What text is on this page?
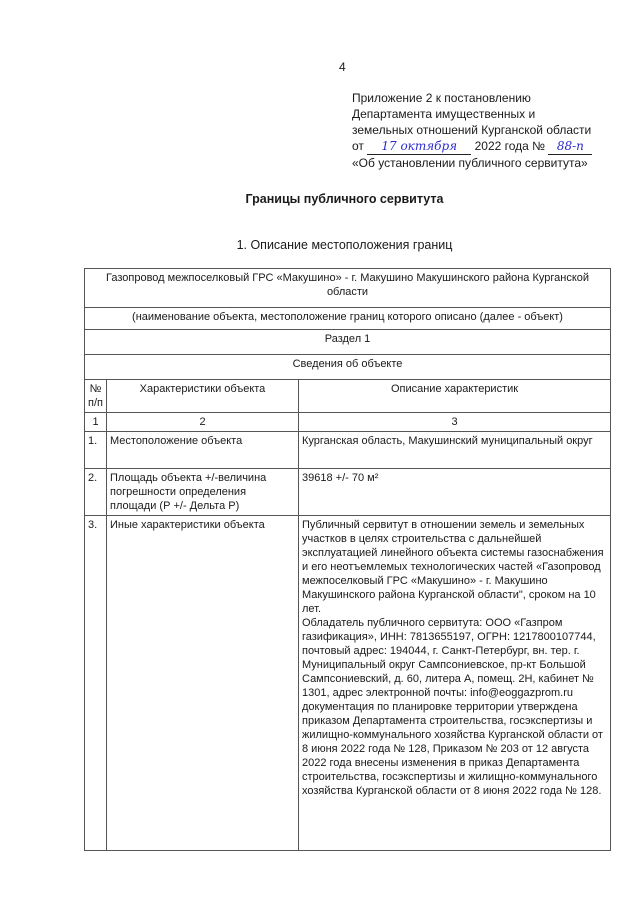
4
Приложение 2 к постановлению
Департамента имущественных и
земельных отношений Курганской области
от 17 октября 2022 года № 88-п
«Об установлении публичного сервитута»
Границы публичного сервитута
1. Описание местоположения границ
Газопровод межпоселковый ГРС «Макушино» - г. Макушино Макушинского района Курганской области		
(наименование объекта, местоположение границ которого описано (далее - объект)		
Раздел 1		
Сведения об объекте		
№ п/п	Характеристики объекта	Описание характеристик
1	2	3
1.	Местоположение объекта	Курганская область, Макушинский муниципальный округ
2.	Площадь объекта +/-величина погрешности определения площади (Р +/- Дельта Р)	39618 +/- 70 м²
3.	Иные характеристики объекта	Публичный сервитут в отношении земель и земельных участков в целях строительства с дальнейшей эксплуатацией линейного объекта системы газоснабжения и его неотъемлемых технологических частей «Газопровод межпоселковый ГРС «Макушино» - г. Макушино Макушинского района Курганской области", сроком на 10 лет.
Обладатель публичного сервитута: ООО «Газпром газификация», ИНН: 7813655197, ОГРН: 1217800107744, почтовый адрес: 194044, г. Санкт-Петербург, вн. тер. г. Муниципальный округ Сампсониевское, пр-кт Большой Сампсониевский, д. 60, литера А, помещ. 2Н, кабинет № 1301, адрес электронной почты: info@eoggazprom.ru документация по планировке территории утверждена приказом Департамента строительства, госэкспертизы и жилищно-коммунального хозяйства Курганской области от 8 июня 2022 года № 128, Приказом № 203 от 12 августа 2022 года внесены изменения в приказ Департамента строительства, госэкспертизы и жилищно-коммунального хозяйства Курганской области от 8 июня 2022 года № 128.
